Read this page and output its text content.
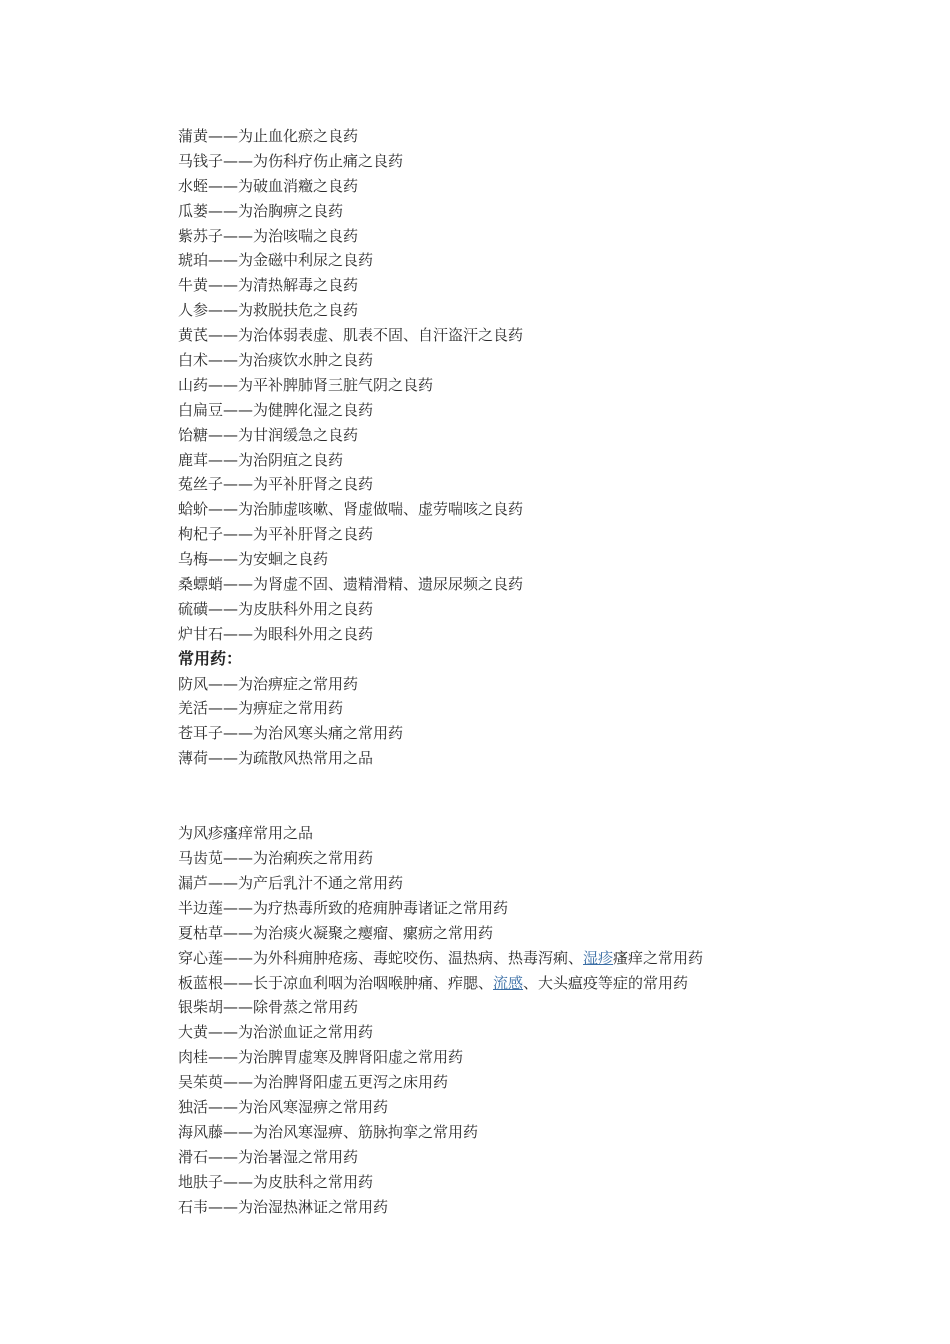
蒲黄——为止血化瘀之良药
马钱子——为伤科疗伤止痛之良药
水蛭——为破血消癥之良药
瓜蒌——为治胸痹之良药
紫苏子——为治咳喘之良药
琥珀——为金磁中利尿之良药
牛黄——为清热解毒之良药
人参——为救脱扶危之良药
黄芪——为治体弱表虚、肌表不固、自汗盗汗之良药
白术——为治痰饮水肿之良药
山药——为平补脾肺肾三脏气阴之良药
白扁豆——为健脾化湿之良药
饴糖——为甘润缓急之良药
鹿茸——为治阴疽之良药
菟丝子——为平补肝肾之良药
蛤蚧——为治肺虚咳嗽、肾虚做喘、虚劳喘咳之良药
枸杞子——为平补肝肾之良药
乌梅——为安蛔之良药
桑螵蛸——为肾虚不固、遗精滑精、遗尿尿频之良药
硫磺——为皮肤科外用之良药
炉甘石——为眼科外用之良药
常用药：
防风——为治痹症之常用药
羌活——为痹症之常用药
苍耳子——为治风寒头痛之常用药
薄荷——为疏散风热常用之品
为风疹瘙痒常用之品
马齿苋——为治痢疾之常用药
漏芦——为产后乳汁不通之常用药
半边莲——为疗热毒所致的疮痈肿毒诸证之常用药
夏枯草——为治痰火凝聚之瘿瘤、瘰疬之常用药
穿心莲——为外科痈肿疮疡、毒蛇咬伤、温热病、热毒泻痢、湿疹瘙痒之常用药
板蓝根——长于凉血利咽为治咽喉肿痛、痄腮、流感、大头瘟疫等症的常用药
银柴胡——除骨蒸之常用药
大黄——为治淤血证之常用药
肉桂——为治脾胃虚寒及脾肾阳虚之常用药
吴茱萸——为治脾肾阳虚五更泻之床用药
独活——为治风寒湿痹之常用药
海风藤——为治风寒湿痹、筋脉拘挛之常用药
滑石——为治暑湿之常用药
地肤子——为皮肤科之常用药
石韦——为治湿热淋证之常用药
